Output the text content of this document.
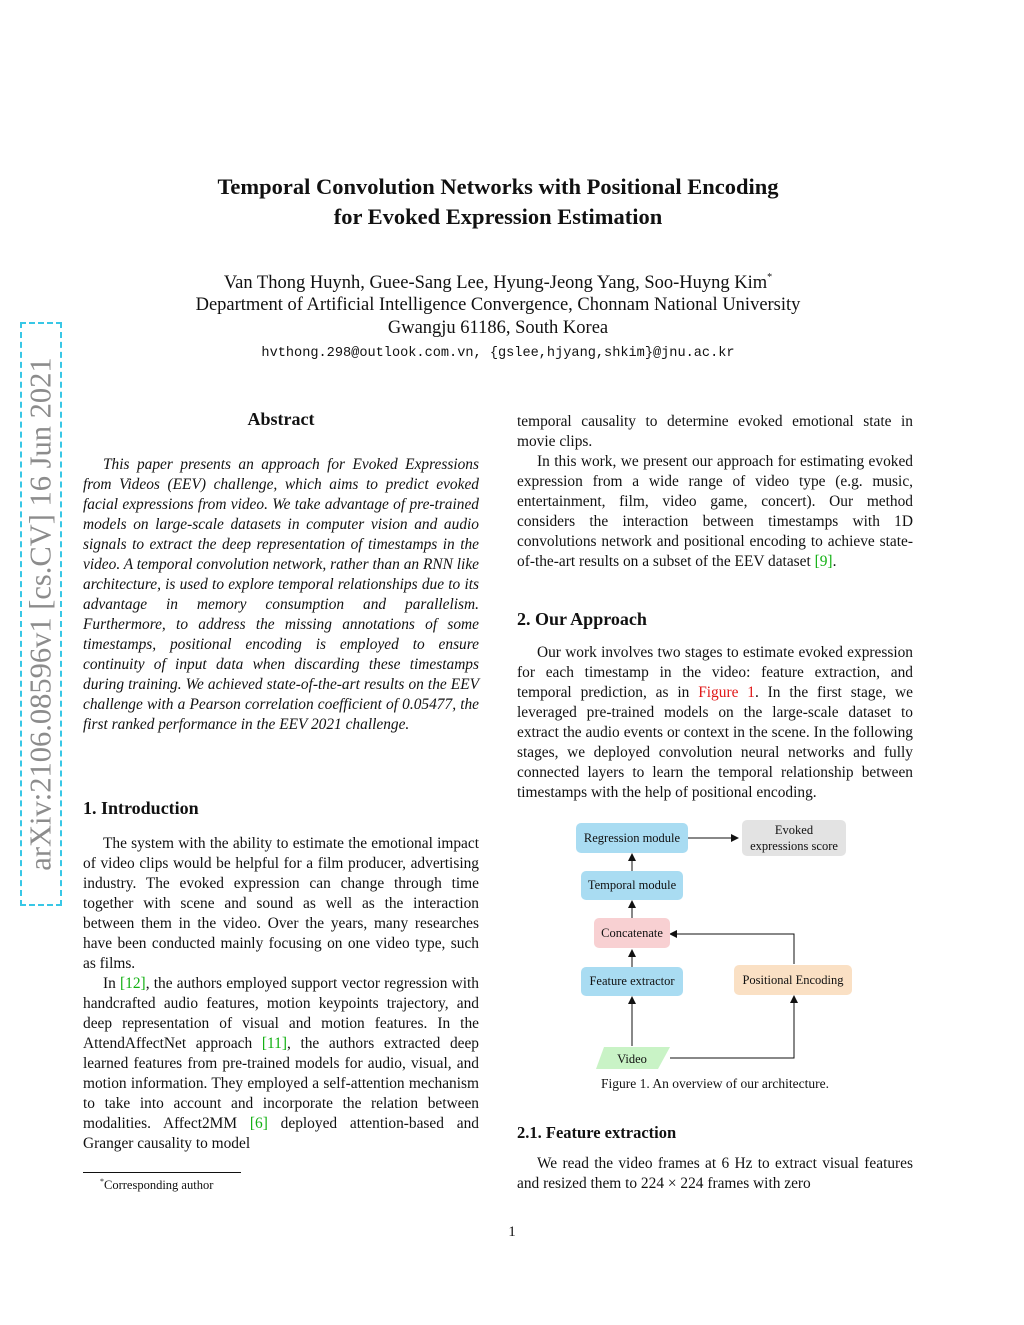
arXiv:2106.08596v1 [cs.CV] 16 Jun 2021
Temporal Convolution Networks with Positional Encoding
for Evoked Expression Estimation
Van Thong Huynh, Guee-Sang Lee, Hyung-Jeong Yang, Soo-Huyng Kim*
Department of Artificial Intelligence Convergence, Chonnam National University
Gwangju 61186, South Korea
hvthong.298@outlook.com.vn, {gslee,hjyang,shkim}@jnu.ac.kr
Abstract

This paper presents an approach for Evoked Expressions from Videos (EEV) challenge, which aims to predict evoked facial expressions from video. We take advantage of pre-trained models on large-scale datasets in computer vision and audio signals to extract the deep representation of timestamps in the video. A temporal convolution network, rather than an RNN like architecture, is used to explore temporal relationships due to its advantage in memory consumption and parallelism. Furthermore, to address the missing annotations of some timestamps, positional encoding is employed to ensure continuity of input data when discarding these timestamps during training. We achieved state-of-the-art results on the EEV challenge with a Pearson correlation coefficient of 0.05477, the first ranked performance in the EEV 2021 challenge.

1. Introduction

The system with the ability to estimate the emotional impact of video clips would be helpful for a film producer, advertising industry. The evoked expression can change through time together with scene and sound as well as the interaction between them in the video. Over the years, many researches have been conducted mainly focusing on one video type, such as films.

In [12], the authors employed support vector regression with handcrafted audio features, motion keypoints trajectory, and deep representation of visual and motion features. In the AttendAffectNet approach [11], the authors extracted deep learned features from pre-trained models for audio, visual, and motion information. They employed a self-attention mechanism to take into account and incorporate the relation between modalities. Affect2MM [6] deployed attention-based and Granger causality to model

temporal causality to determine evoked emotional state in movie clips.

In this work, we present our approach for estimating evoked expression from a wide range of video type (e.g. music, entertainment, film, video game, concert). Our method considers the interaction between timestamps with 1D convolutions network and positional encoding to achieve state-of-the-art results on a subset of the EEV dataset [9].

2. Our Approach

Our work involves two stages to estimate evoked expression for each timestamp in the video: feature extraction, and temporal prediction, as in Figure 1. In the first stage, we leveraged pre-trained models on the large-scale dataset to extract the audio events or context in the scene. In the following stages, we deployed convolution neural networks and fully connected layers to learn the temporal relationship between timestamps with the help of positional encoding.

Regression module
Evoked
expressions score
Temporal module
Concatenate
Feature extractor	Positional Encoding
Video
Figure 1. An overview of our architecture.
2.1. Feature extraction

We read the video frames at 6 Hz to extract visual features and resized them to 224 × 224 frames with zero

*Corresponding author
1
